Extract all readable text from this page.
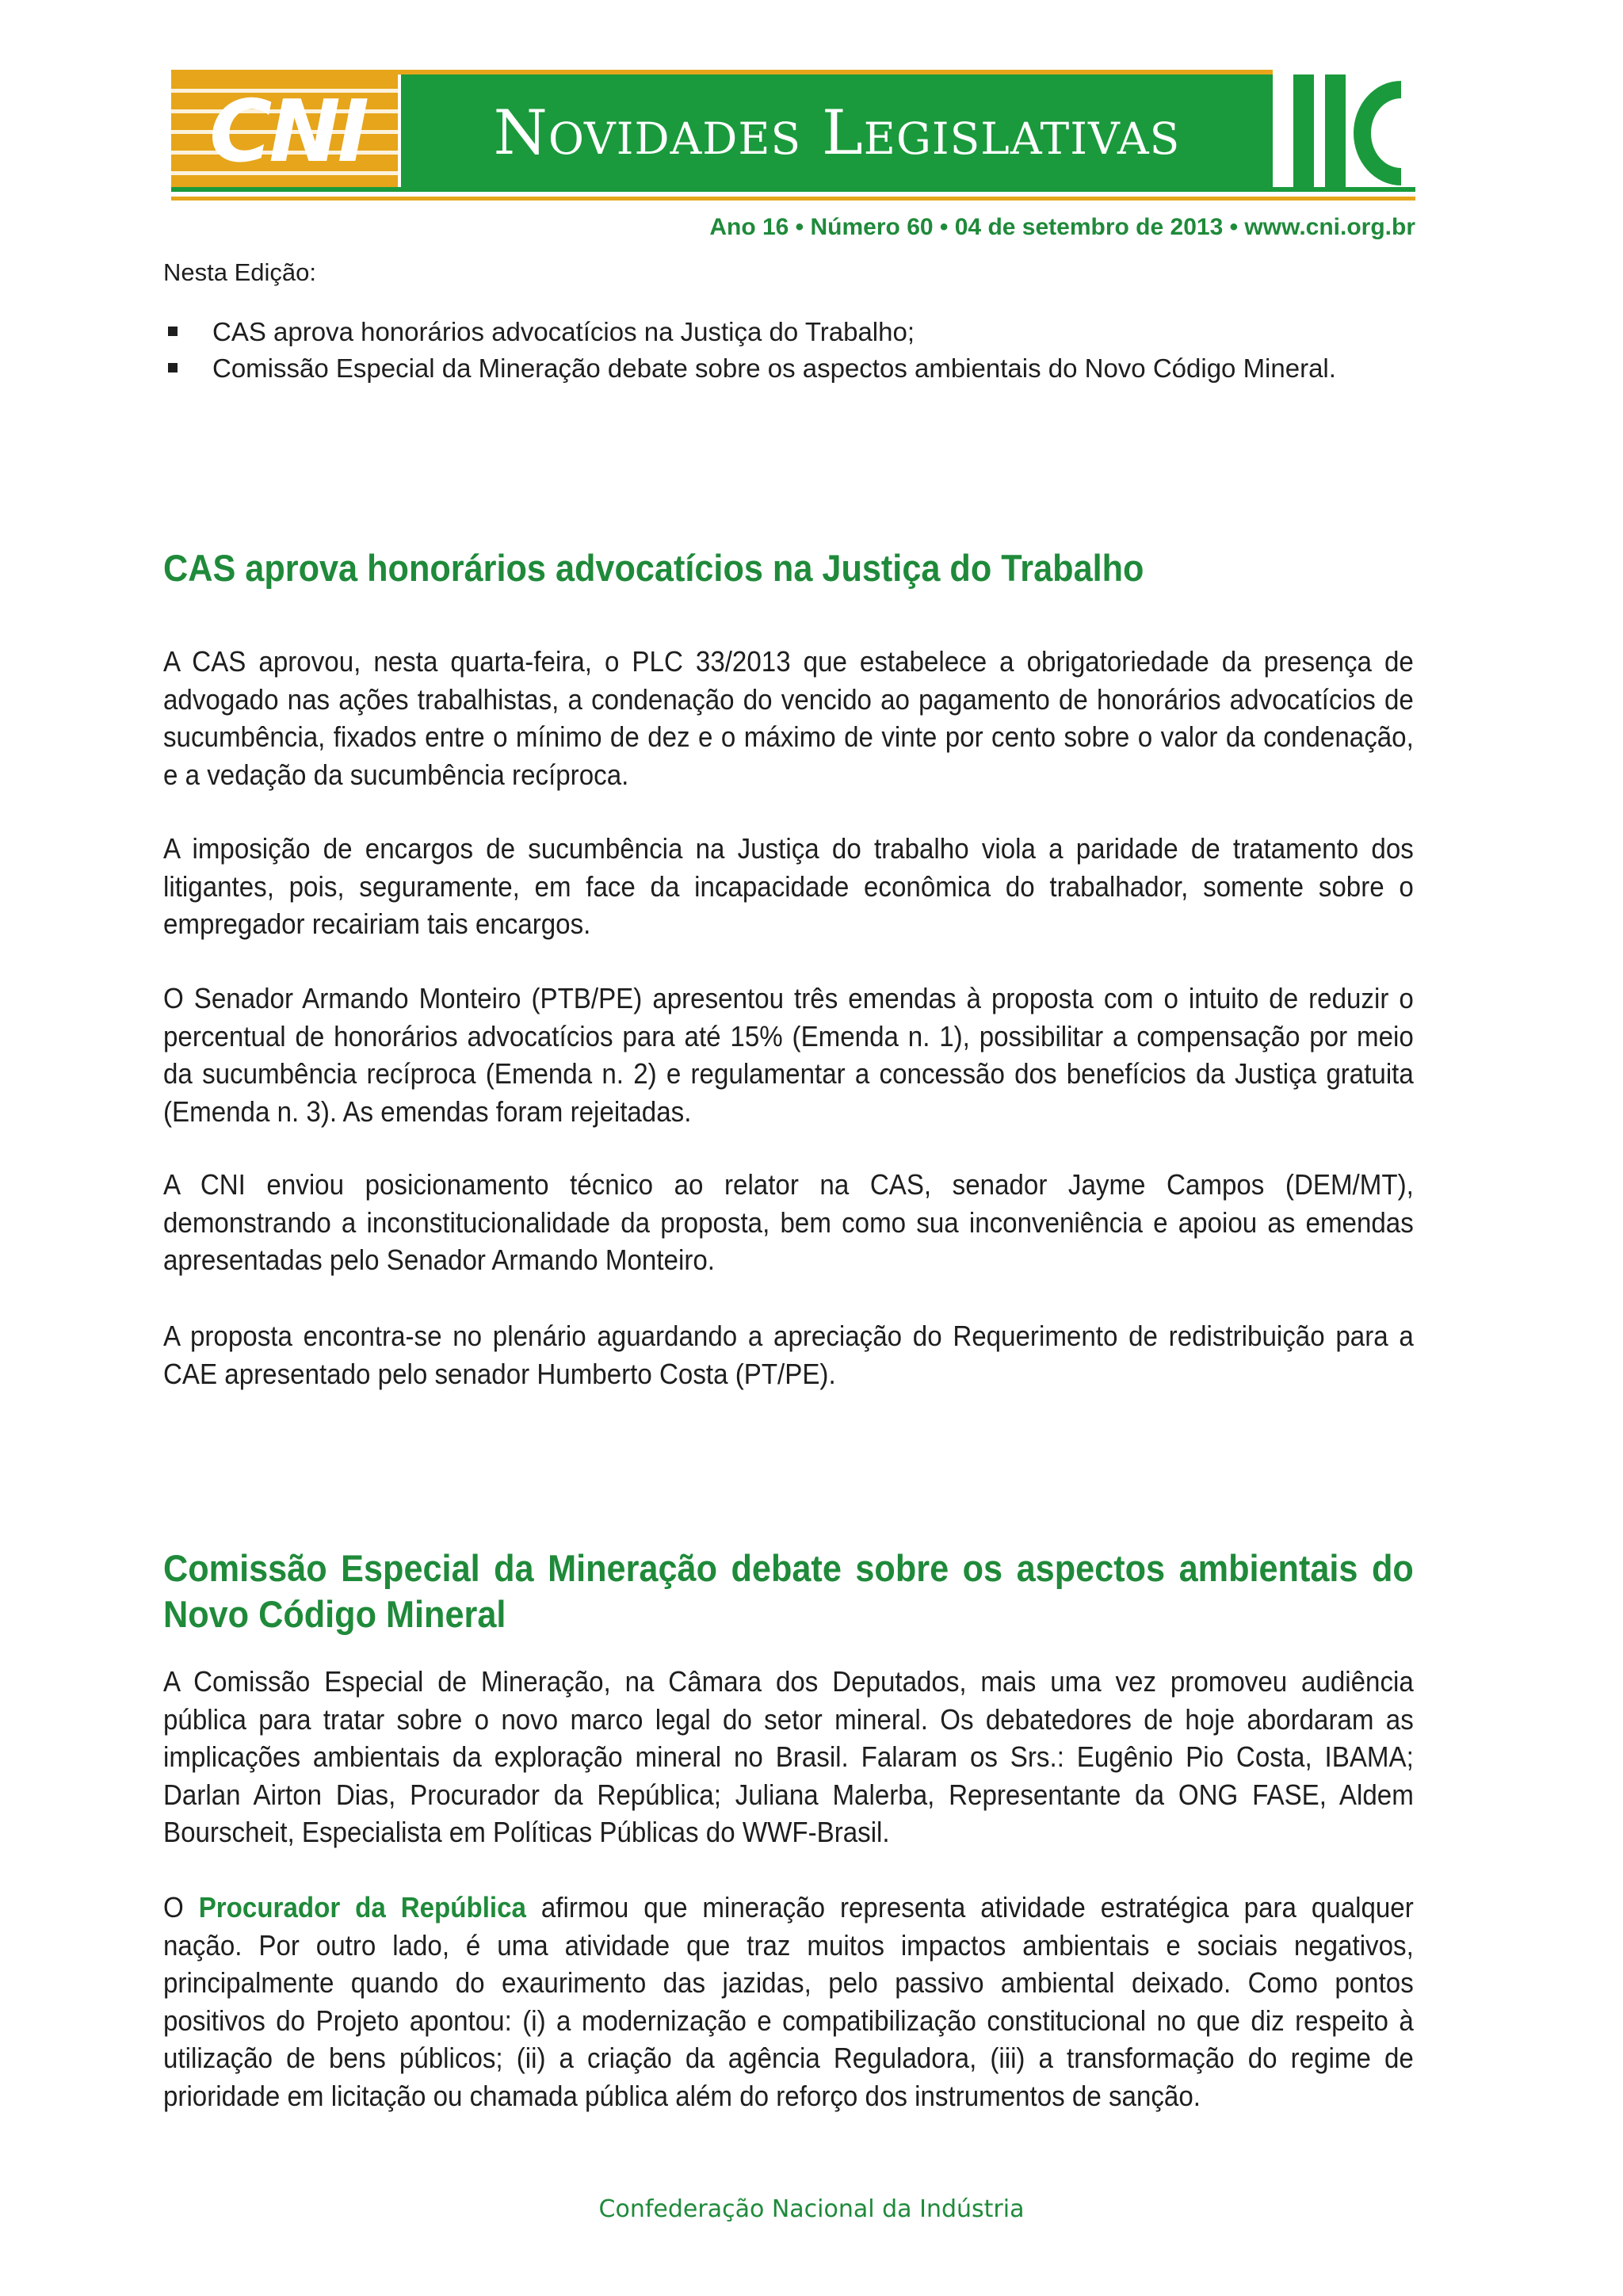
CNI	Novidades Legislativas
Ano 16 • Número 60 • 04 de setembro de 2013 • www.cni.org.br
Nesta Edição:
CAS aprova honorários advocatícios na Justiça do Trabalho;
Comissão Especial da Mineração debate sobre os aspectos ambientais do Novo Código Mineral.
CAS aprova honorários advocatícios na Justiça do Trabalho

A CAS aprovou, nesta quarta-feira, o PLC 33/2013 que estabelece a obrigatoriedade da presença de advogado nas ações trabalhistas, a condenação do vencido ao pagamento de honorários advocatícios de sucumbência, fixados entre o mínimo de dez e o máximo de vinte por cento sobre o valor da condenação, e a vedação da sucumbência recíproca.

A imposição de encargos de sucumbência na Justiça do trabalho viola a paridade de tratamento dos litigantes, pois, seguramente, em face da incapacidade econômica do trabalhador, somente sobre o empregador recairiam tais encargos.

O Senador Armando Monteiro (PTB/PE) apresentou três emendas à proposta com o intuito de reduzir o percentual de honorários advocatícios para até 15% (Emenda n. 1), possibilitar a compensação por meio da sucumbência recíproca (Emenda n. 2) e regulamentar a concessão dos benefícios da Justiça gratuita (Emenda n. 3). As emendas foram rejeitadas.

A CNI enviou posicionamento técnico ao relator na CAS, senador Jayme Campos (DEM/MT), demonstrando a inconstitucionalidade da proposta, bem como sua inconveniência e apoiou as emendas apresentadas pelo Senador Armando Monteiro.

A proposta encontra-se no plenário aguardando a apreciação do Requerimento de redistribuição para a CAE apresentado pelo senador Humberto Costa (PT/PE).

Comissão Especial da Mineração debate sobre os aspectos ambientais do Novo Código Mineral

A Comissão Especial de Mineração, na Câmara dos Deputados, mais uma vez promoveu audiência pública para tratar sobre o novo marco legal do setor mineral. Os debatedores de hoje abordaram as implicações ambientais da exploração mineral no Brasil. Falaram os Srs.: Eugênio Pio Costa, IBAMA; Darlan Airton Dias, Procurador da República; Juliana Malerba, Representante da ONG FASE, Aldem Bourscheit, Especialista em Políticas Públicas do WWF-Brasil.

O Procurador da República afirmou que mineração representa atividade estratégica para qualquer nação. Por outro lado, é uma atividade que traz muitos impactos ambientais e sociais negativos, principalmente quando do exaurimento das jazidas, pelo passivo ambiental deixado. Como pontos positivos do Projeto apontou: (i) a modernização e compatibilização constitucional no que diz respeito à utilização de bens públicos; (ii) a criação da agência Reguladora, (iii) a transformação do regime de prioridade em licitação ou chamada pública além do reforço dos instrumentos de sanção.

Confederação Nacional da Indústria
